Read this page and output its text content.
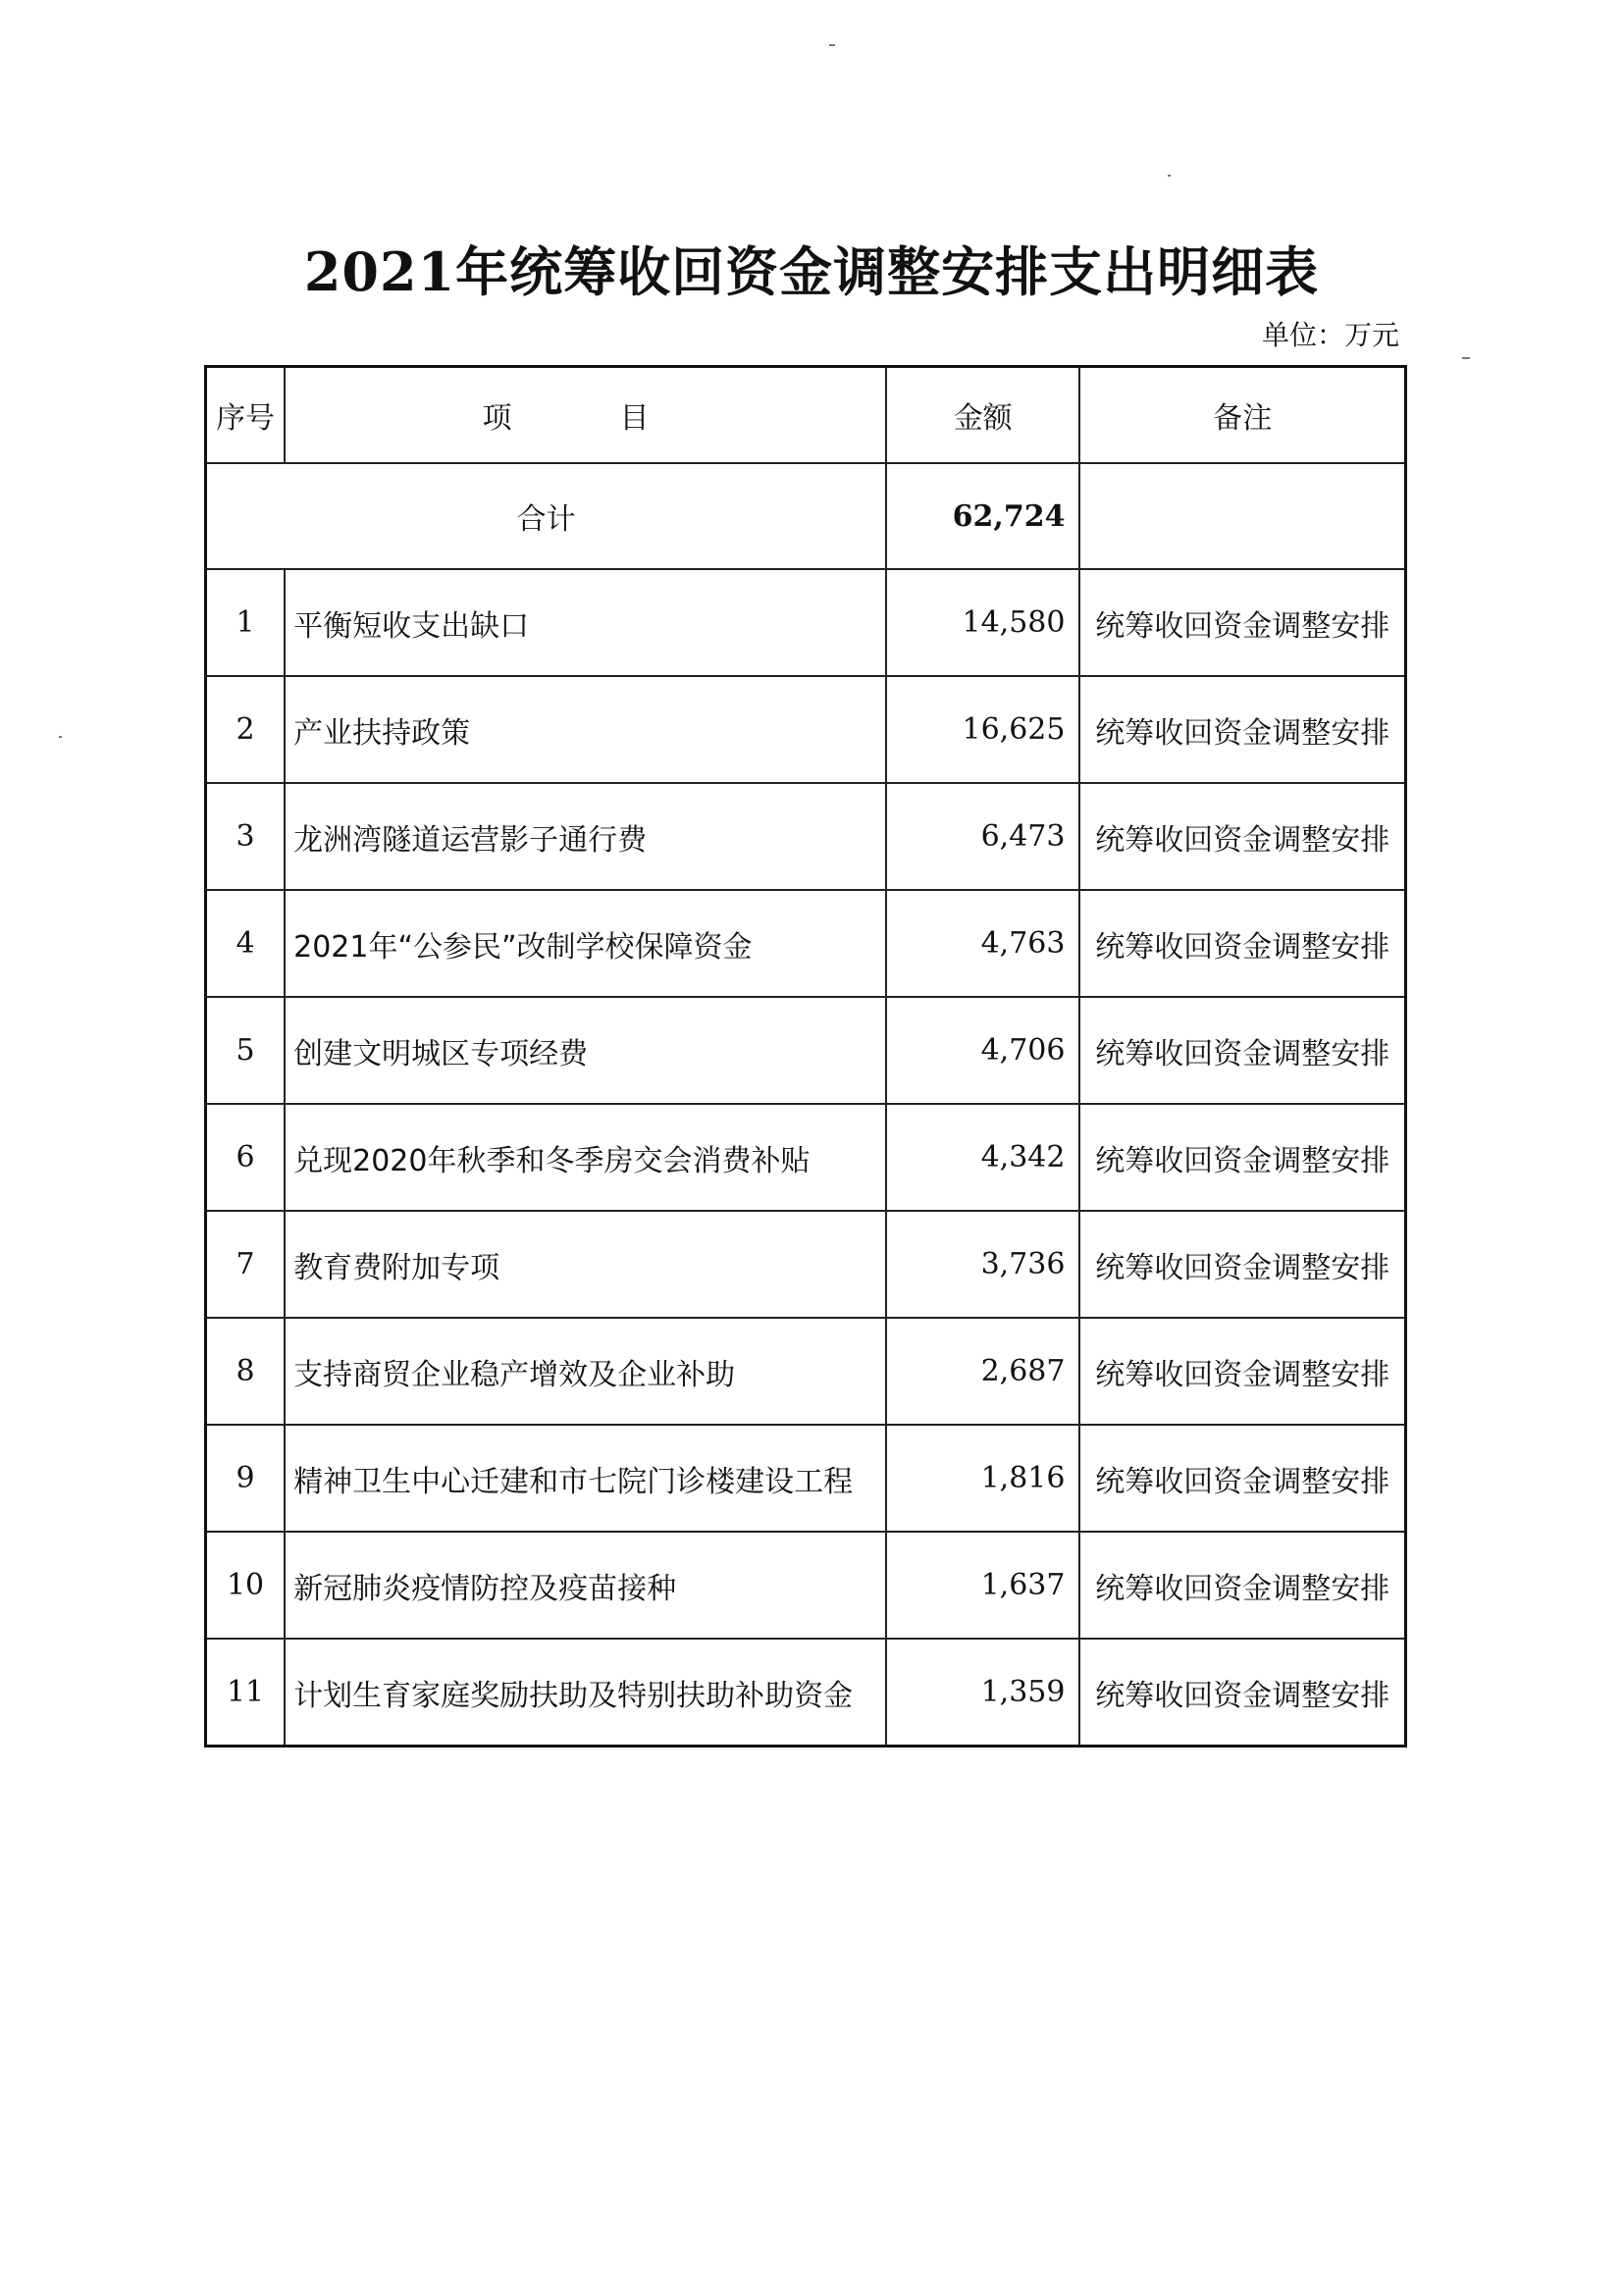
2021年统筹收回资金调整安排支出明细表
单位：万元
序号	项　目	金额	备注
合计		62,724	
1	平衡短收支出缺口	14,580	统筹收回资金调整安排
2	产业扶持政策	16,625	统筹收回资金调整安排
3	龙洲湾隧道运营影子通行费	6,473	统筹收回资金调整安排
4	2021年“公参民”改制学校保障资金	4,763	统筹收回资金调整安排
5	创建文明城区专项经费	4,706	统筹收回资金调整安排
6	兑现2020年秋季和冬季房交会消费补贴	4,342	统筹收回资金调整安排
7	教育费附加专项	3,736	统筹收回资金调整安排
8	支持商贸企业稳产增效及企业补助	2,687	统筹收回资金调整安排
9	精神卫生中心迁建和市七院门诊楼建设工程	1,816	统筹收回资金调整安排
10	新冠肺炎疫情防控及疫苗接种	1,637	统筹收回资金调整安排
11	计划生育家庭奖励扶助及特别扶助补助资金	1,359	统筹收回资金调整安排
